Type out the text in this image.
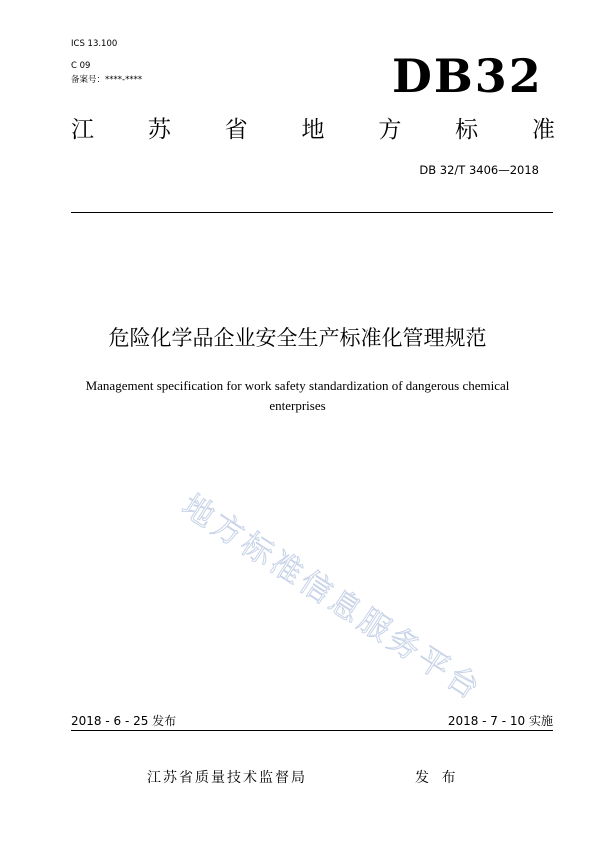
ICS 13.100
C 09
备案号：****-****	DB32
江 苏 省 地 方 标 准
DB 32/T 3406—2018
危险化学品企业安全生产标准化管理规范
Management specification for work safety standardization of dangerous chemical enterprises
地方标准信息服务平台
2018 - 6 - 25 发布	2018 - 7 - 10 实施
江苏省质量技术监督局	发 布
